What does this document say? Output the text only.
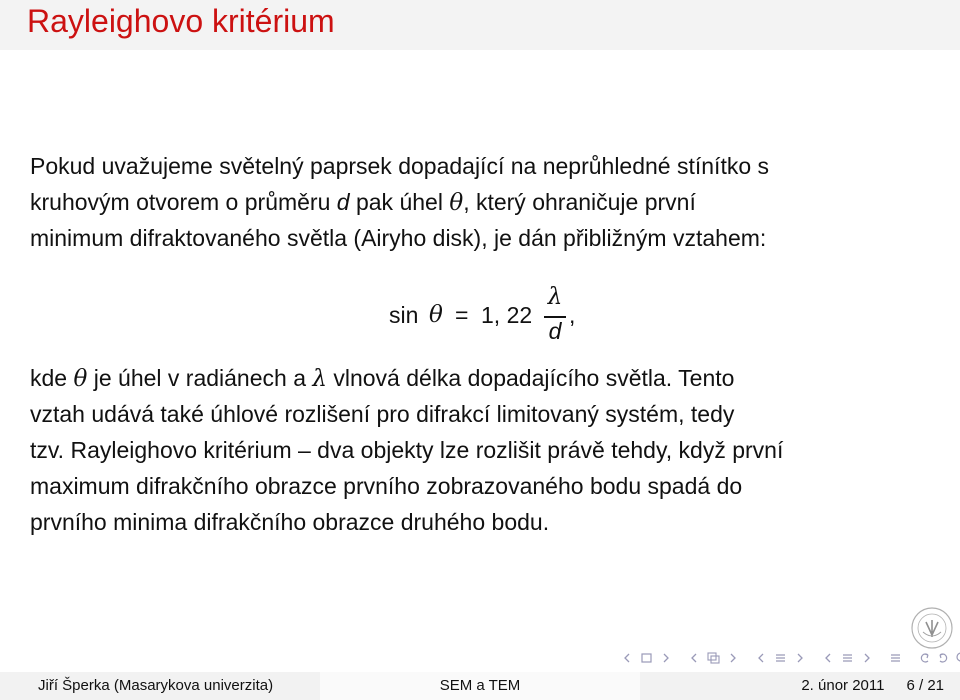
Rayleighovo kritérium
Pokud uvažujeme světelný paprsek dopadající na neprůhledné stínítko s
kruhovým otvorem o průměru d pak úhel θ, který ohraničuje první
minimum difraktovaného světla (Airyho disk), je dán přibližným vztahem:
sin θ = 1, 22
λ
d
,
kde θ je úhel v radiánech a λ vlnová délka dopadajícího světla. Tento
vztah udává také úhlové rozlišení pro difrakcí limitovaný systém, tedy
tzv. Rayleighovo kritérium – dva objekty lze rozlišit právě tehdy, když první
maximum difrakčního obrazce prvního zobrazovaného bodu spadá do
prvního minima difrakčního obrazce druhého bodu.
Jiří Šperka (Masarykova univerzita)	SEM a TEM	2. únor 2011 6 / 21
